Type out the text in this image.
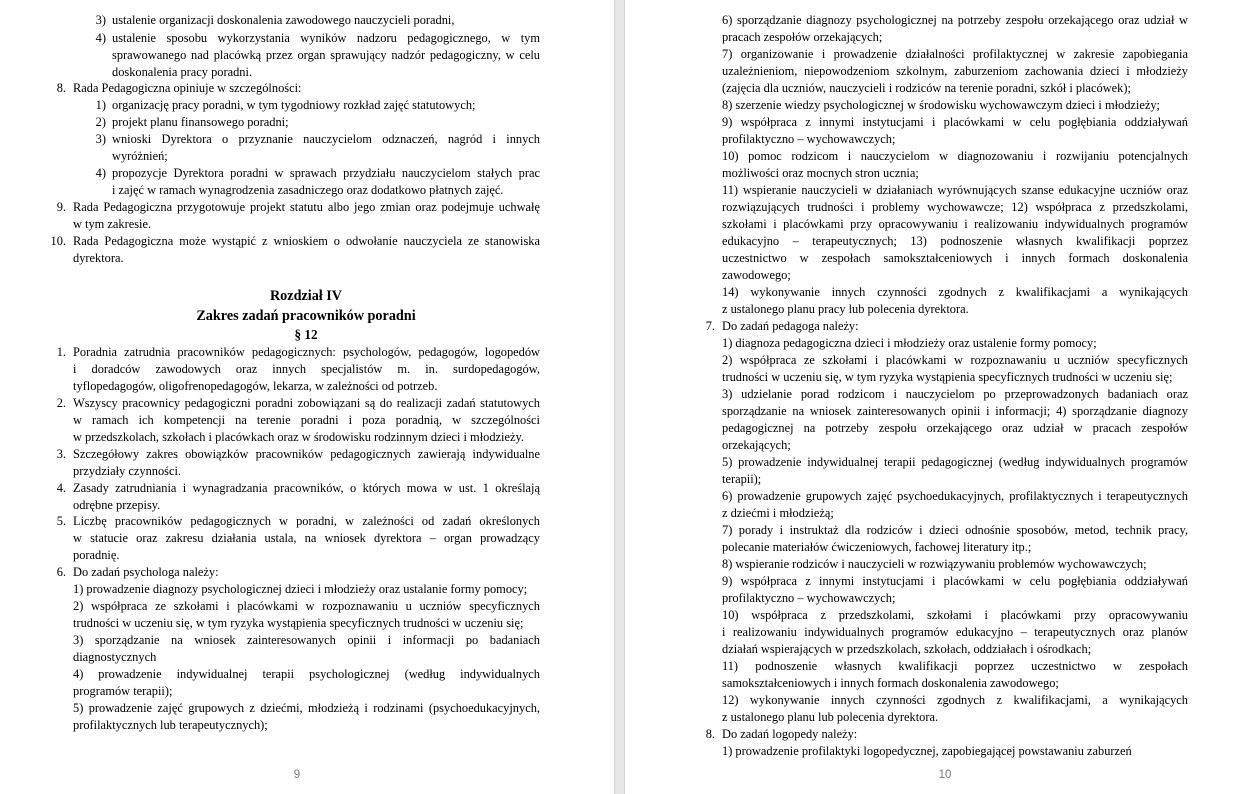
ustalenie organizacji doskonalenia zawodowego nauczycieli poradni,
3)
ustalenie sposobu wykorzystania wyników nadzoru pedagogicznego, w tym
4)
sprawowanego nad placówką przez organ sprawujący nadzór pedagogiczny, w celu
doskonalenia pracy poradni.
Rada Pedagogiczna opiniuje w szczególności:
8.
organizację pracy poradni, w tym tygodniowy rozkład zajęć statutowych;
1)
projekt planu finansowego poradni;
2)
wnioski Dyrektora o przyznanie nauczycielom odznaczeń, nagród i innych
3)
wyróżnień;
propozycje Dyrektora poradni w sprawach przydziału nauczycielom stałych prac
4)
i zajęć w ramach wynagrodzenia zasadniczego oraz dodatkowo płatnych zajęć.
Rada Pedagogiczna przygotowuje projekt statutu albo jego zmian oraz podejmuje uchwałę
9.
w tym zakresie.
Rada Pedagogiczna może wystąpić z wnioskiem o odwołanie nauczyciela ze stanowiska
10.
dyrektora.
Poradnia zatrudnia pracowników pedagogicznych: psychologów, pedagogów, logopedów
1.
i doradców zawodowych oraz innych specjalistów m. in. surdopedagogów,
tyflopedagogów, oligofrenopedagogów, lekarza, w zależności od potrzeb.
Wszyscy pracownicy pedagogiczni poradni zobowiązani są do realizacji zadań statutowych
2.
w ramach ich kompetencji na terenie poradni i poza poradnią, w szczególności
w przedszkolach, szkołach i placówkach oraz w środowisku rodzinnym dzieci i młodzieży.
Szczegółowy zakres obowiązków pracowników pedagogicznych zawierają indywidualne
3.
przydziały czynności.
Zasady zatrudniania i wynagradzania pracowników, o których mowa w ust. 1 określają
4.
odrębne przepisy.
Liczbę pracowników pedagogicznych w poradni, w zależności od zadań określonych
5.
w statucie oraz zakresu działania ustala, na wniosek dyrektora – organ prowadzący
poradnię.
Do zadań psychologa należy:
6.
1) prowadzenie diagnozy psychologicznej dzieci i młodzieży oraz ustalanie formy pomocy;
2) współpraca ze szkołami i placówkami w rozpoznawaniu u uczniów specyficznych
trudności w uczeniu się, w tym ryzyka wystąpienia specyficznych trudności w uczeniu się;
3) sporządzanie na wniosek zainteresowanych opinii i informacji po badaniach
diagnostycznych
4) prowadzenie indywidualnej terapii psychologicznej (według indywidualnych
programów terapii);
5) prowadzenie zajęć grupowych z dziećmi, młodzieżą i rodzinami (psychoedukacyjnych,
profilaktycznych lub terapeutycznych);
Rozdział IV
Zakres zadań pracowników poradni
§ 12
9
6) sporządzanie diagnozy psychologicznej na potrzeby zespołu orzekającego oraz udział w
pracach zespołów orzekających;
7) organizowanie i prowadzenie działalności profilaktycznej w zakresie zapobiegania
uzależnieniom, niepowodzeniom szkolnym, zaburzeniom zachowania dzieci i młodzieży
(zajęcia dla uczniów, nauczycieli i rodziców na terenie poradni, szkół i placówek);
8) szerzenie wiedzy psychologicznej w środowisku wychowawczym dzieci i młodzieży;
9) współpraca z innymi instytucjami i placówkami w celu pogłębiania oddziaływań
profilaktyczno – wychowawczych;
10) pomoc rodzicom i nauczycielom w diagnozowaniu i rozwijaniu potencjalnych
możliwości oraz mocnych stron ucznia;
11) wspieranie nauczycieli w działaniach wyrównujących szanse edukacyjne uczniów oraz
rozwiązujących trudności i problemy wychowawcze; 12) współpraca z przedszkolami,
szkołami i placówkami przy opracowywaniu i realizowaniu indywidualnych programów
edukacyjno – terapeutycznych; 13) podnoszenie własnych kwalifikacji poprzez
uczestnictwo w zespołach samokształceniowych i innych formach doskonalenia
zawodowego;
14) wykonywanie innych czynności zgodnych z kwalifikacjami a wynikających
z ustalonego planu pracy lub polecenia dyrektora.
Do zadań pedagoga należy:
7.
1) diagnoza pedagogiczna dzieci i młodzieży oraz ustalenie formy pomocy;
2) współpraca ze szkołami i placówkami w rozpoznawaniu u uczniów specyficznych
trudności w uczeniu się, w tym ryzyka wystąpienia specyficznych trudności w uczeniu się;
3) udzielanie porad rodzicom i nauczycielom po przeprowadzonych badaniach oraz
sporządzanie na wniosek zainteresowanych opinii i informacji; 4) sporządzanie diagnozy
pedagogicznej na potrzeby zespołu orzekającego oraz udział w pracach zespołów
orzekających;
5) prowadzenie indywidualnej terapii pedagogicznej (według indywidualnych programów
terapii);
6) prowadzenie grupowych zajęć psychoedukacyjnych, profilaktycznych i terapeutycznych
z dziećmi i młodzieżą;
7) porady i instruktaż dla rodziców i dzieci odnośnie sposobów, metod, technik pracy,
polecanie materiałów ćwiczeniowych, fachowej literatury itp.;
8) wspieranie rodziców i nauczycieli w rozwiązywaniu problemów wychowawczych;
9) współpraca z innymi instytucjami i placówkami w celu pogłębiania oddziaływań
profilaktyczno – wychowawczych;
10) współpraca z przedszkolami, szkołami i placówkami przy opracowywaniu
i realizowaniu indywidualnych programów edukacyjno – terapeutycznych oraz planów
działań wspierających w przedszkolach, szkołach, oddziałach i ośrodkach;
11) podnoszenie własnych kwalifikacji poprzez uczestnictwo w zespołach
samokształceniowych i innych formach doskonalenia zawodowego;
12) wykonywanie innych czynności zgodnych z kwalifikacjami, a wynikających
z ustalonego planu lub polecenia dyrektora.
Do zadań logopedy należy:
8.
1) prowadzenie profilaktyki logopedycznej, zapobiegającej powstawaniu zaburzeń
10
